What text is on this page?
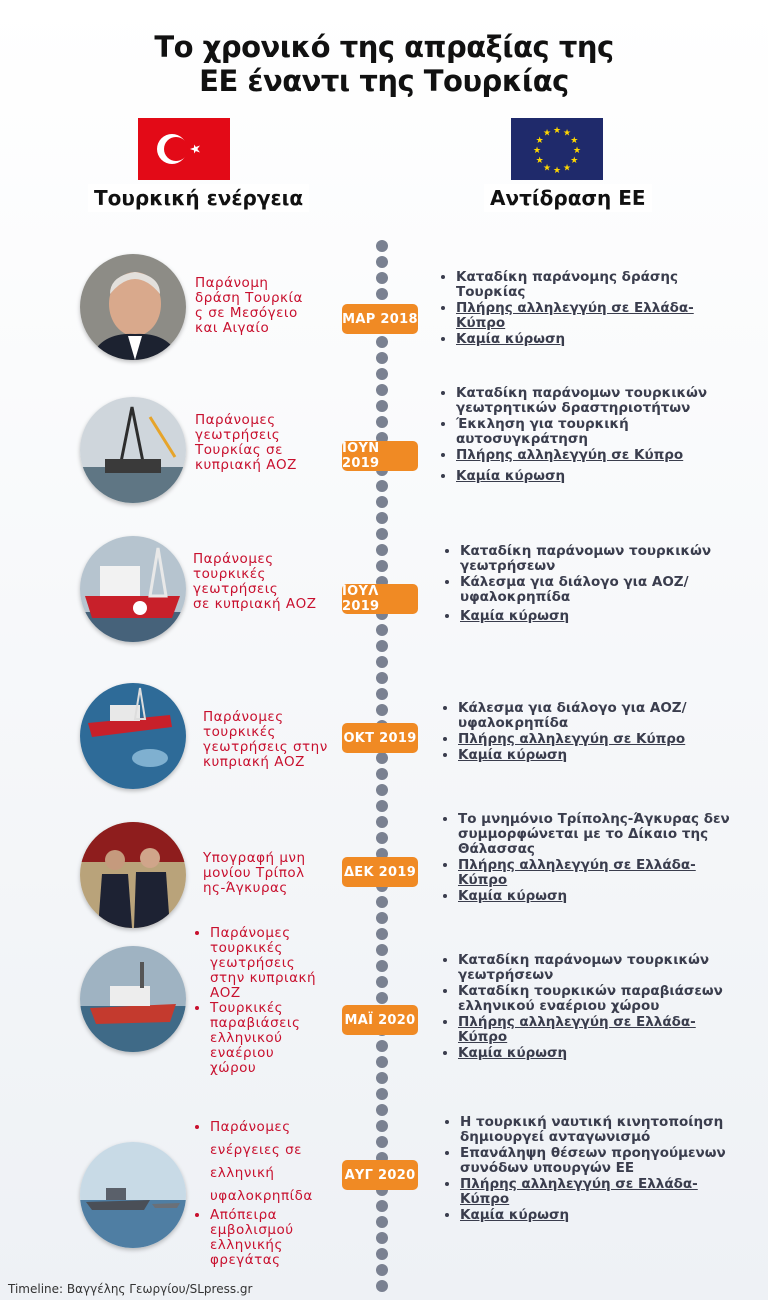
Το χρονικό της απραξίας της
ΕΕ έναντι της Τουρκίας
★ ★
★
★
★
★
★
★
★
★
★
★
Τουρκική ενέργεια	Αντίδραση ΕΕ
Παράνομη
δράση Τουρκία
ς σε Μεσόγειο
και Αιγαίο
ΜΑΡ 2018
• Καταδίκη παράνομης δράσης Τουρκίας
• Πλήρης αλληλεγγύη σε Ελλάδα-Κύπρο
• Καμία κύρωση
Παράνομες
γεωτρήσεις
Τουρκίας σε
κυπριακή ΑΟΖ
ΙΟΥΝ 2019
• Καταδίκη παράνομων τουρκικών γεωτρητικών δραστηριοτήτων
• Έκκληση για τουρκική αυτοσυγκράτηση
• Πλήρης αλληλεγγύη σε Κύπρο
• Καμία κύρωση
Παράνομες
τουρκικές
γεωτρήσεις
σε κυπριακή ΑΟΖ
ΙΟΥΛ 2019
• Καταδίκη παράνομων τουρκικών γεωτρήσεων
• Κάλεσμα για διάλογο για ΑΟΖ/ υφαλοκρηπίδα
• Καμία κύρωση
Παράνομες
τουρκικές
γεωτρήσεις στην
κυπριακή ΑΟΖ
ΟΚΤ 2019
• Κάλεσμα για διάλογο για ΑΟΖ/ υφαλοκρηπίδα
• Πλήρης αλληλεγγύη σε Κύπρο
• Καμία κύρωση
Υπογραφή μνη
μονίου Τρίπολ
ης-Άγκυρας
ΔΕΚ 2019
• Το μνημόνιο Τρίπολης-Άγκυρας δεν συμμορφώνεται με το Δίκαιο της Θάλασσας
• Πλήρης αλληλεγγύη σε Ελλάδα-Κύπρο
• Καμία κύρωση
• Παράνομες τουρκικές γεωτρήσεις στην κυπριακή ΑΟΖ
• Τουρκικές παραβιάσεις ελληνικού εναέριου χώρου
ΜΑΪ 2020
• Καταδίκη παράνομων τουρκικών γεωτρήσεων
• Καταδίκη τουρκικών παραβιάσεων ελληνικού εναέριου χώρου
• Πλήρης αλληλεγγύη σε Ελλάδα-Κύπρο
• Καμία κύρωση
• Παράνομες ενέργειες σε ελληνική υφαλοκρηπίδα
• Απόπειρα εμβολισμού ελληνικής φρεγάτας
ΑΥΓ 2020
• Η τουρκική ναυτική κινητοποίηση δημιουργεί ανταγωνισμό
• Επανάληψη θέσεων προηγούμενων συνόδων υπουργών ΕΕ
• Πλήρης αλληλεγγύη σε Ελλάδα-Κύπρο
• Καμία κύρωση
Timeline: Βαγγέλης Γεωργίου/SLpress.gr
